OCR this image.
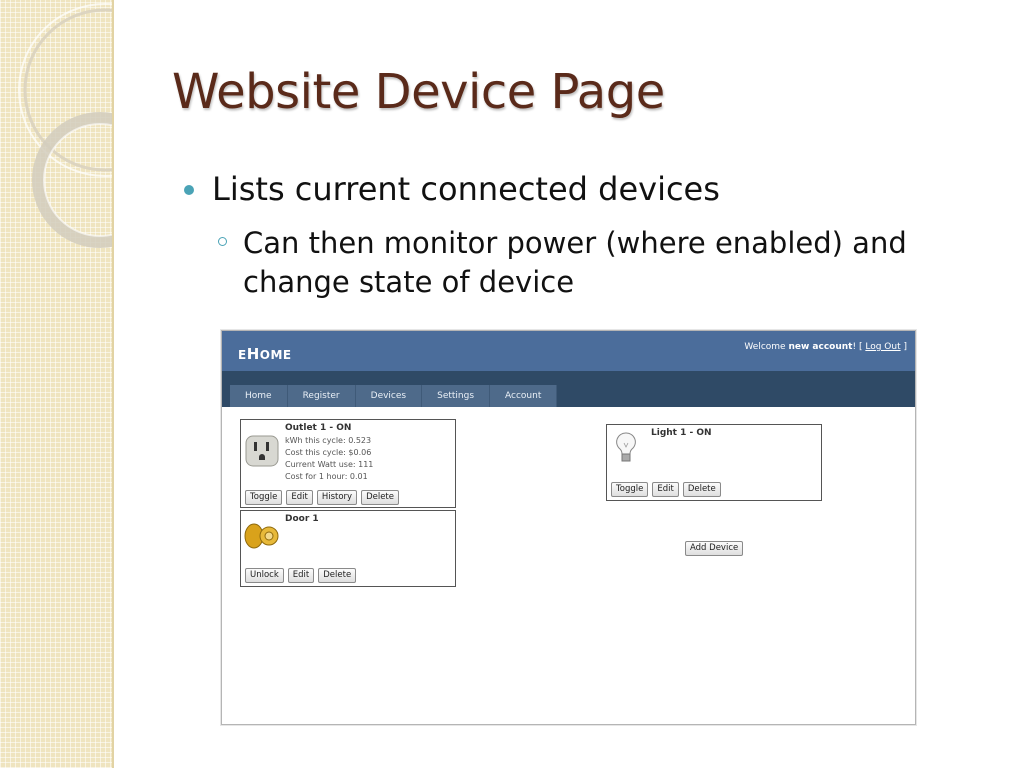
Website Device Page
Lists current connected devices
Can then monitor power (where enabled) and change state of device
EHOME
Welcome new account! [ Log Out ]
Home	Register	Devices	Settings	Account
Outlet 1 - ON
kWh this cycle: 0.523
Cost this cycle: $0.06
Current Watt use: 111
Cost for 1 hour: 0.01
Toggle	Edit	History	Delete
Door 1
Unlock	Edit	Delete
Light 1 - ON
Toggle	Edit	Delete
Add Device
